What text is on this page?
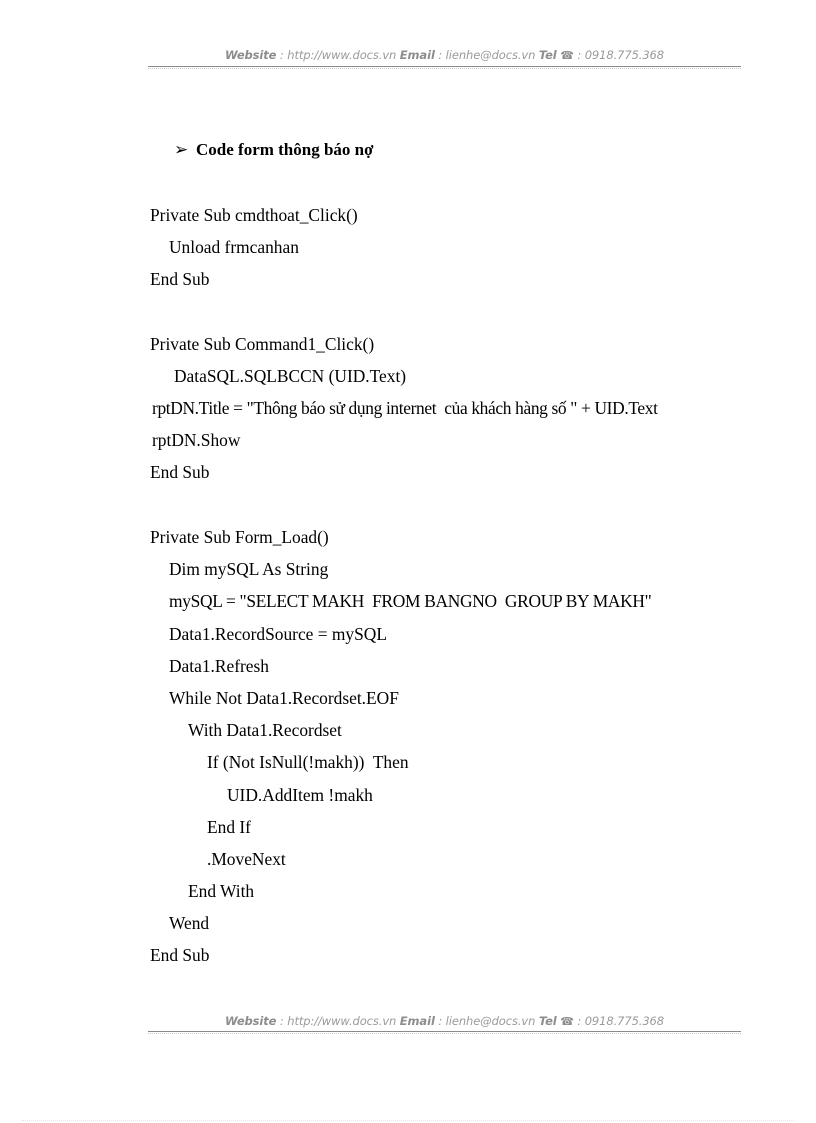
Website : http://www.docs.vn Email : lienhe@docs.vn Tel ☎ : 0918.775.368
➢ Code form thông báo nợ
Private Sub cmdthoat_Click()
Unload frmcanhan
End Sub
Private Sub Command1_Click()
DataSQL.SQLBCCN (UID.Text)
rptDN.Title = "Thông báo sử dụng internet  của khách hàng số " + UID.Text
rptDN.Show
End Sub
Private Sub Form_Load()
Dim mySQL As String
mySQL = "SELECT MAKH  FROM BANGNO  GROUP BY MAKH"
Data1.RecordSource = mySQL
Data1.Refresh
While Not Data1.Recordset.EOF
With Data1.Recordset
If (Not IsNull(!makh))  Then
UID.AddItem !makh
End If
.MoveNext
End With
Wend
End Sub
Website : http://www.docs.vn Email : lienhe@docs.vn Tel ☎ : 0918.775.368
